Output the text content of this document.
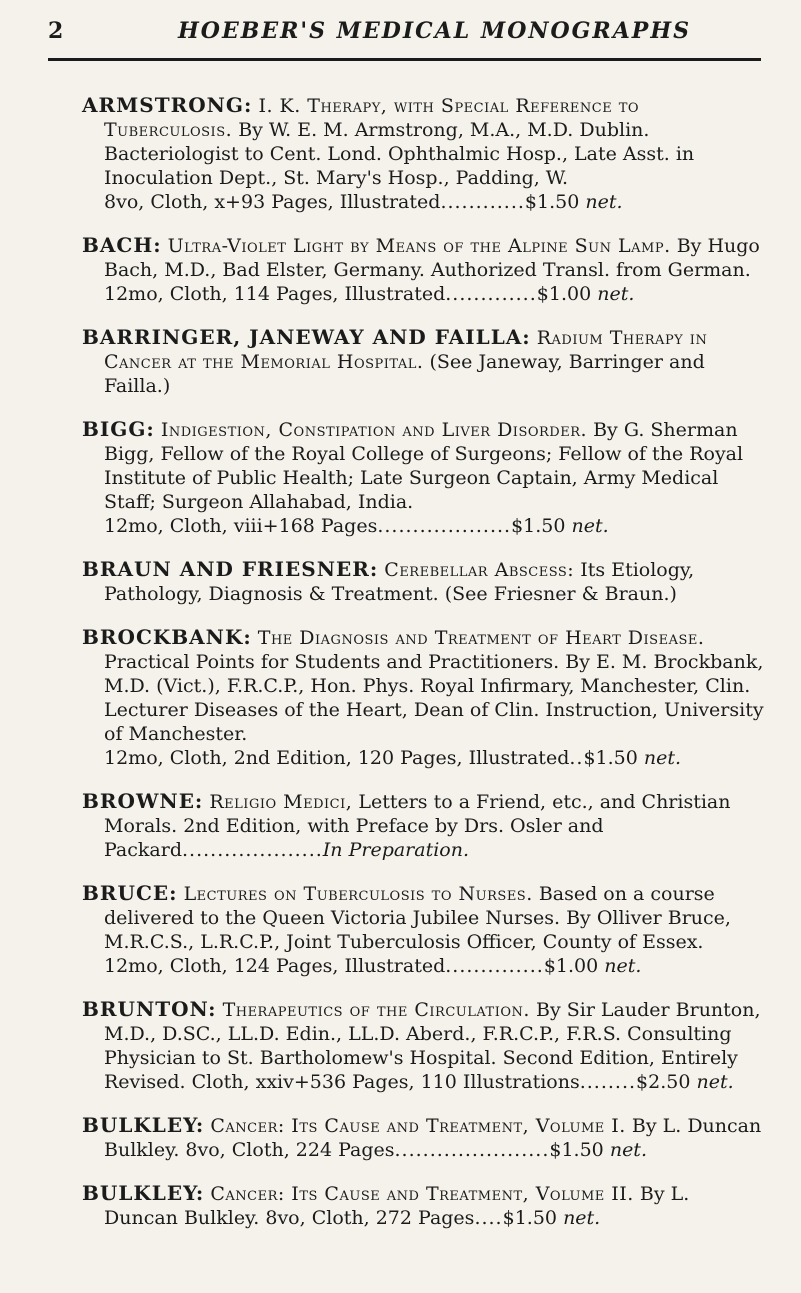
2	HOEBER'S MEDICAL MONOGRAPHS

ARMSTRONG: I. K. Therapy, with Special Reference to Tuberculosis. By W. E. M. Armstrong, M.A., M.D. Dublin. Bacteriologist to Cent. Lond. Ophthalmic Hosp., Late Asst. in Inoculation Dept., St. Mary's Hosp., Padding, W. 8vo, Cloth, x+93 Pages, Illustrated............$1.50 net.

BACH: Ultra-Violet Light by Means of the Alpine Sun Lamp. By Hugo Bach, M.D., Bad Elster, Germany. Authorized Transl. from German. 12mo, Cloth, 114 Pages, Illustrated.............$1.00 net.

BARRINGER, JANEWAY AND FAILLA: Radium Therapy in Cancer at the Memorial Hospital. (See Janeway, Barringer and Failla.)

BIGG: Indigestion, Constipation and Liver Disorder. By G. Sherman Bigg, Fellow of the Royal College of Surgeons; Fellow of the Royal Institute of Public Health; Late Surgeon Captain, Army Medical Staff; Surgeon Allahabad, India. 12mo, Cloth, viii+168 Pages...................$1.50 net.

BRAUN AND FRIESNER: Cerebellar Abscess: Its Etiology, Pathology, Diagnosis & Treatment. (See Friesner & Braun.)

BROCKBANK: The Diagnosis and Treatment of Heart Disease. Practical Points for Students and Practitioners. By E. M. Brockbank, M.D. (Vict.), F.R.C.P., Hon. Phys. Royal Infirmary, Manchester, Clin. Lecturer Diseases of the Heart, Dean of Clin. Instruction, University of Manchester. 12mo, Cloth, 2nd Edition, 120 Pages, Illustrated..$1.50 net.

BROWNE: Religio Medici, Letters to a Friend, etc., and Christian Morals. 2nd Edition, with Preface by Drs. Osler and Packard....................In Preparation.

BRUCE: Lectures on Tuberculosis to Nurses. Based on a course delivered to the Queen Victoria Jubilee Nurses. By Olliver Bruce, M.R.C.S., L.R.C.P., Joint Tuberculosis Officer, County of Essex. 12mo, Cloth, 124 Pages, Illustrated..............$1.00 net.

BRUNTON: Therapeutics of the Circulation. By Sir Lauder Brunton, M.D., D.SC., LL.D. Edin., LL.D. Aberd., F.R.C.P., F.R.S. Consulting Physician to St. Bartholomew's Hospital. Second Edition, Entirely Revised. Cloth, xxiv+536 Pages, 110 Illustrations........$2.50 net.

BULKLEY: Cancer: Its Cause and Treatment, Volume I. By L. Duncan Bulkley. 8vo, Cloth, 224 Pages......................$1.50 net.

BULKLEY: Cancer: Its Cause and Treatment, Volume II. By L. Duncan Bulkley. 8vo, Cloth, 272 Pages....$1.50 net.
